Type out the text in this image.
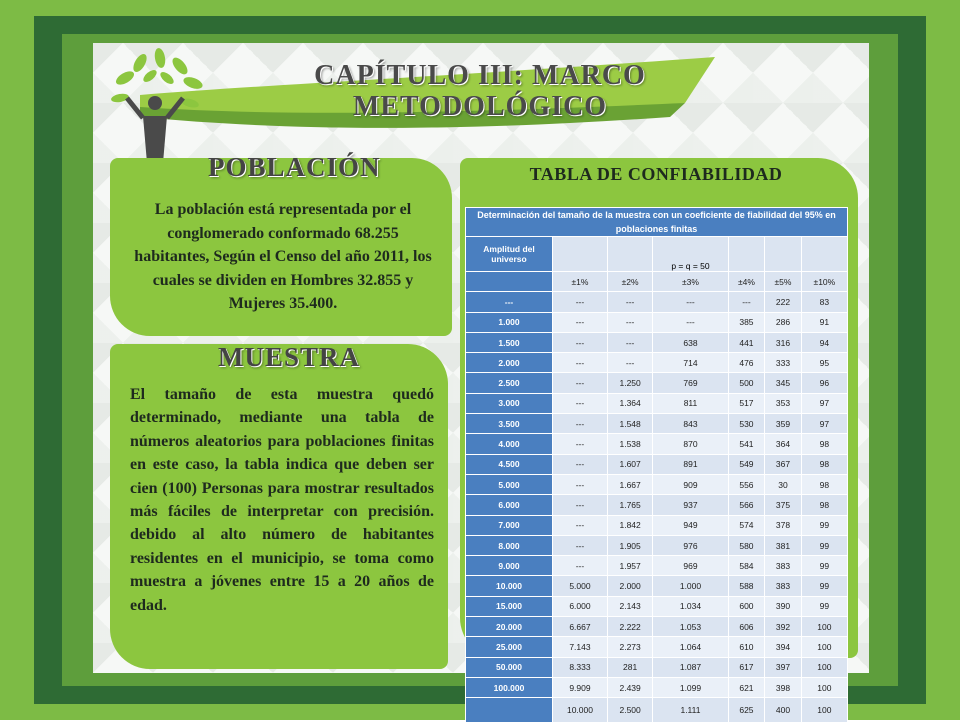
CAPÍTULO III: MARCO
METODOLÓGICO
POBLACIÓN
La población está representada por el conglomerado conformado 68.255 habitantes, Según el Censo del año 2011, los cuales se dividen en Hombres 32.855 y Mujeres 35.400.
MUESTRA
El tamaño de esta muestra quedó determinado, mediante una tabla de números aleatorios para poblaciones finitas en este caso, la tabla indica que deben ser cien (100) Personas para mostrar resultados más fáciles de interpretar con precisión. debido al alto número de habitantes residentes en el municipio, se toma como muestra a jóvenes entre 15 a 20 años de edad.
TABLA DE CONFIABILIDAD
Determinación del tamaño de la muestra con un coeficiente de fiabilidad del 95% en poblaciones finitas						
Amplitud del universo			p = q = 50			
	±1%	±2%	±3%	±4%	±5%	±10%
---	---	---	---	---	222	83
1.000	---	---	---	385	286	91
1.500	---	---	638	441	316	94
2.000	---	---	714	476	333	95
2.500	---	1.250	769	500	345	96
3.000	---	1.364	811	517	353	97
3.500	---	1.548	843	530	359	97
4.000	---	1.538	870	541	364	98
4.500	---	1.607	891	549	367	98
5.000	---	1.667	909	556	30	98
6.000	---	1.765	937	566	375	98
7.000	---	1.842	949	574	378	99
8.000	---	1.905	976	580	381	99
9.000	---	1.957	969	584	383	99
10.000	5.000	2.000	1.000	588	383	99
15.000	6.000	2.143	1.034	600	390	99
20.000	6.667	2.222	1.053	606	392	100
25.000	7.143	2.273	1.064	610	394	100
50.000	8.333	281	1.087	617	397	100
100.000	9.909	2.439	1.099	621	398	100
	10.000	2.500	1.111	625	400	100
